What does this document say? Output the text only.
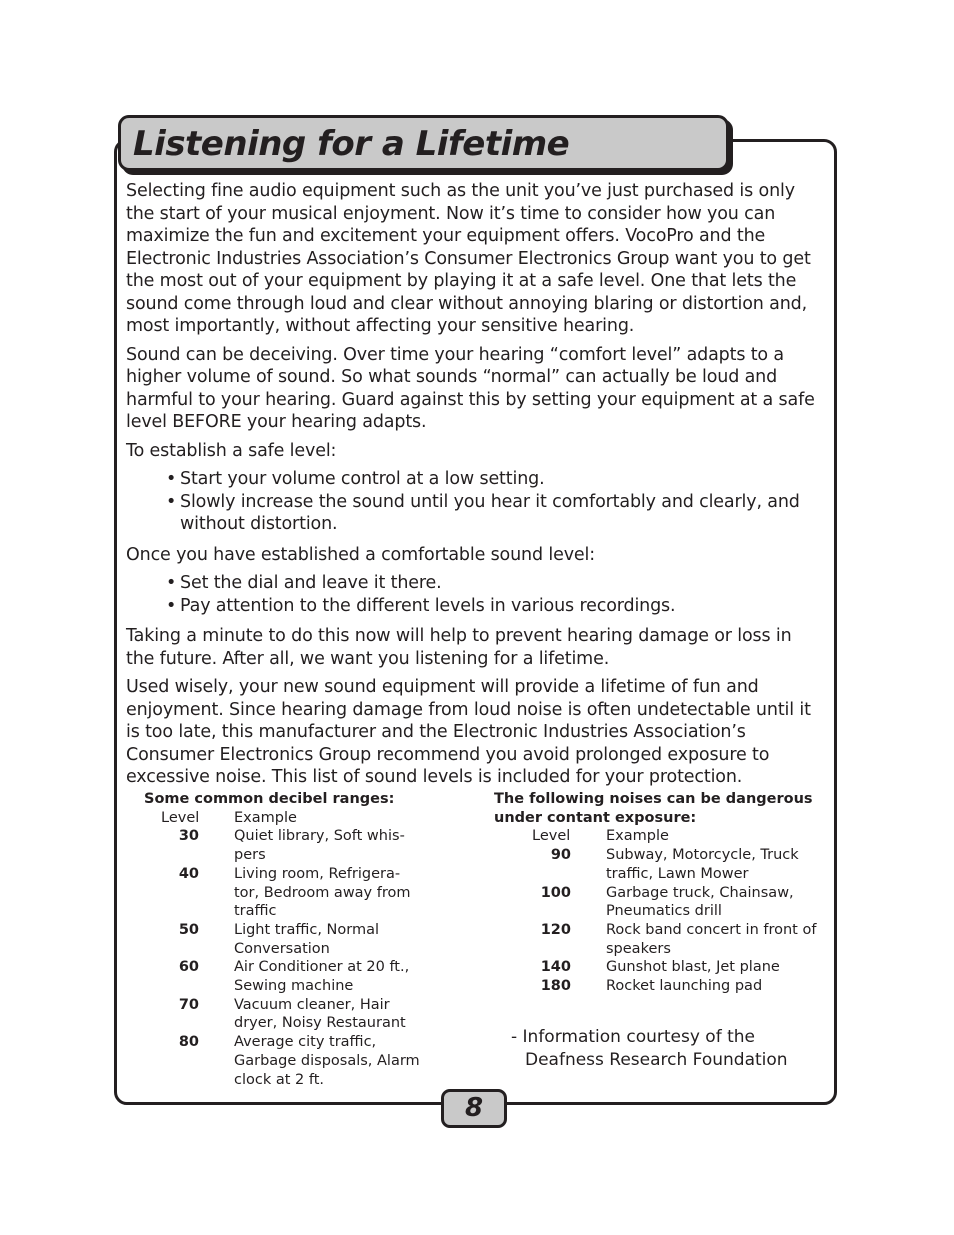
Listening for a Lifetime

Selecting fine audio equipment such as the unit you’ve just purchased is only the start of your musical enjoyment. Now it’s time to consider how you can maximize the fun and excitement your equipment offers. VocoPro and the Electronic Industries Association’s Consumer Electronics Group want you to get the most out of your equipment by playing it at a safe level. One that lets the sound come through loud and clear without annoying blaring or distortion and, most importantly, without affecting your sensitive hearing.

Sound can be deceiving. Over time your hearing “comfort level” adapts to a higher volume of sound. So what sounds “normal” can actually be loud and harmful to your hearing. Guard against this by setting your equipment at a safe level BEFORE your hearing adapts.

To establish a safe level:

• Start your volume control at a low setting.
• Slowly increase the sound until you hear it comfortably and clearly, and without distortion.

Once you have established a comfortable sound level:

• Set the dial and leave it there.
• Pay attention to the different levels in various recordings.

Taking a minute to do this now will help to prevent hearing damage or loss in the future. After all, we want you listening for a lifetime.

Used wisely, your new sound equipment will provide a lifetime of fun and enjoyment. Since hearing damage from loud noise is often undetectable until it is too late, this manufacturer and the Electronic Industries Association’s Consumer Electronics Group recommend you avoid prolonged exposure to excessive noise. This list of sound levels is included for your protection.

Some common decibel ranges:

Level Example
30 Quiet library, Soft whis-pers
40 Living room, Refrigera-tor, Bedroom away from traffic
50 Light traffic, Normal Conversation
60 Air Conditioner at 20 ft., Sewing machine
70 Vacuum cleaner, Hair dryer, Noisy Restaurant
80 Average city traffic, Garbage disposals, Alarm clock at 2 ft.

The following noises can be dangerous
under contant exposure:

Level Example
90 Subway, Motorcycle, Truck traffic, Lawn Mower
100 Garbage truck, Chainsaw, Pneumatics drill
120 Rock band concert in front of speakers
140 Gunshot blast, Jet plane
180 Rocket launching pad
- Information courtesy of the
Deafness Research Foundation
8
